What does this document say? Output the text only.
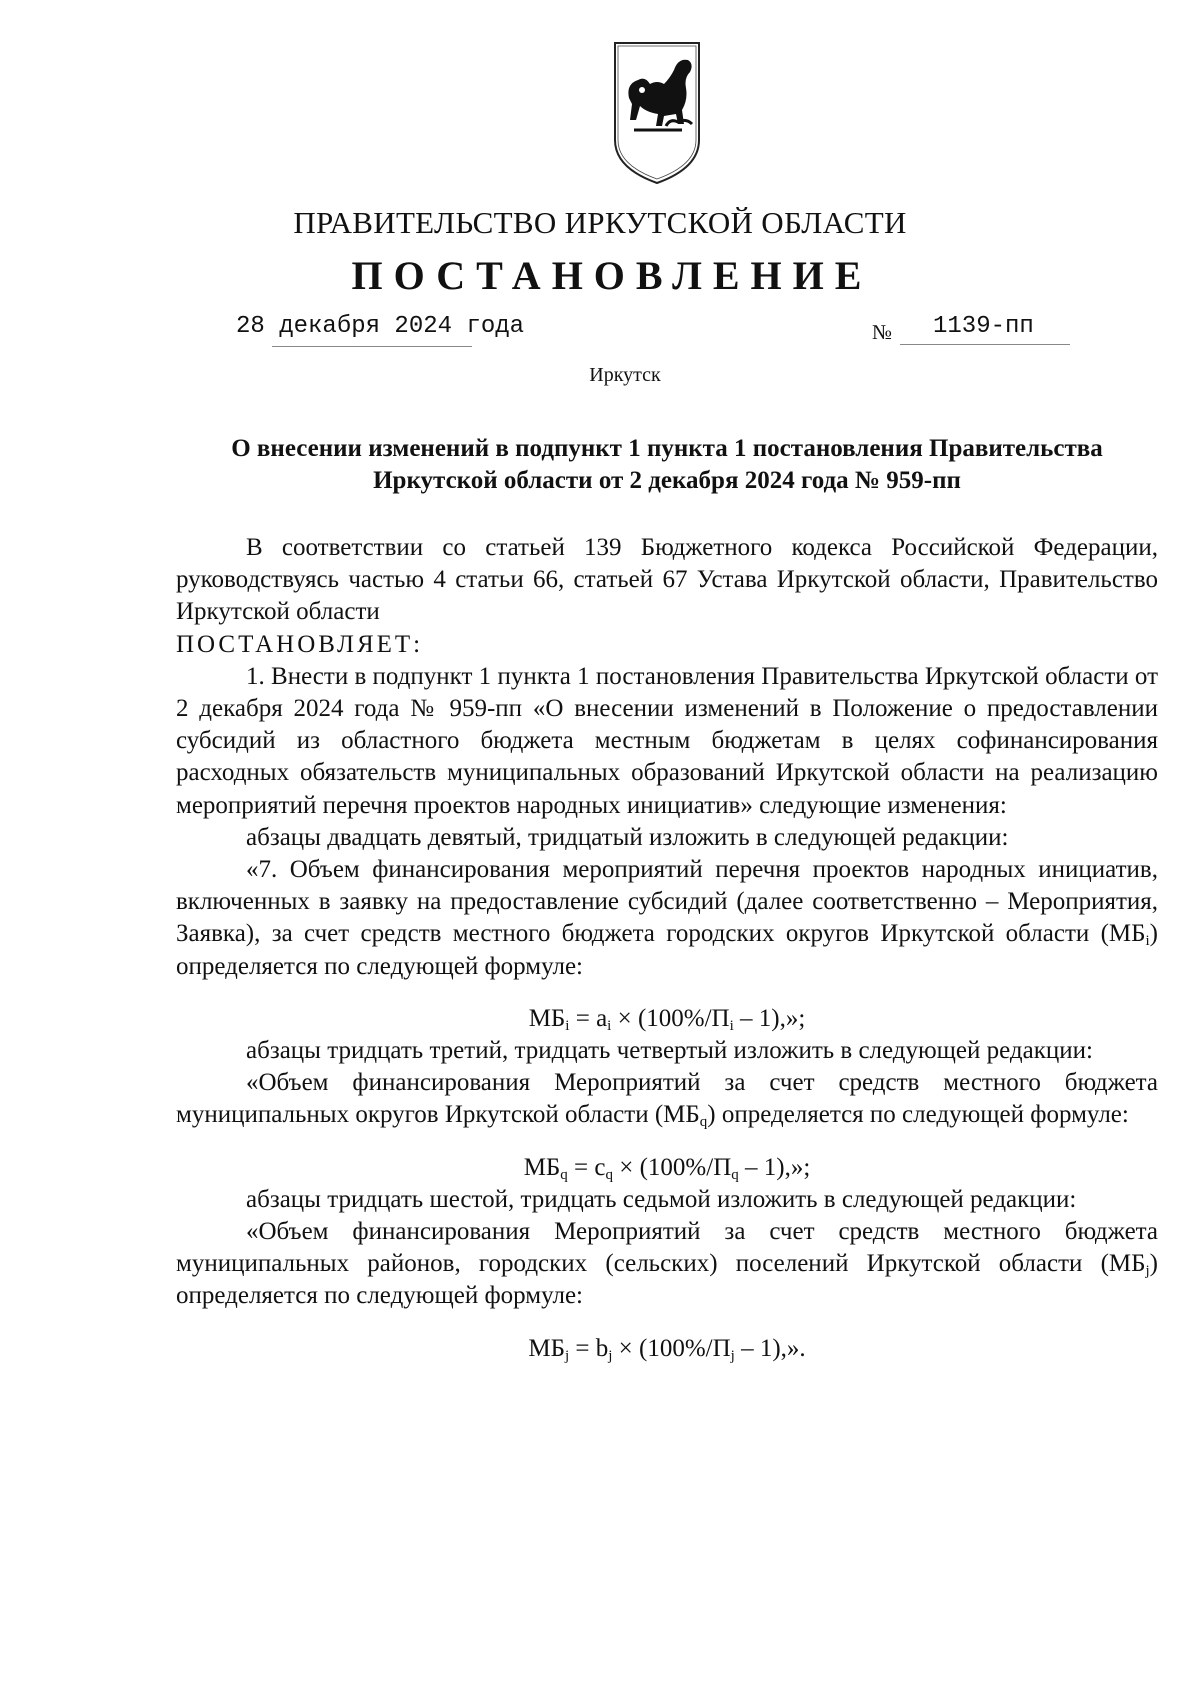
ПРАВИТЕЛЬСТВО ИРКУТСКОЙ ОБЛАСТИ
ПОСТАНОВЛЕНИЕ
28 декабря 2024 года	№ 1139-пп
Иркутск
О внесении изменений в подпункт 1 пункта 1 постановления Правительства Иркутской области от 2 декабря 2024 года № 959-пп

В соответствии со статьей 139 Бюджетного кодекса Российской Федерации, руководствуясь частью 4 статьи 66, статьей 67 Устава Иркутской области, Правительство Иркутской области

ПОСТАНОВЛЯЕТ:

1. Внести в подпункт 1 пункта 1 постановления Правительства Иркутской области от 2 декабря 2024 года № 959-пп «О внесении изменений в Положение о предоставлении субсидий из областного бюджета местным бюджетам в целях софинансирования расходных обязательств муниципальных образований Иркутской области на реализацию мероприятий перечня проектов народных инициатив» следующие изменения:

абзацы двадцать девятый, тридцатый изложить в следующей редакции:

«7. Объем финансирования мероприятий перечня проектов народных инициатив, включенных в заявку на предоставление субсидий (далее соответственно – Мероприятия, Заявка), за счет средств местного бюджета городских округов Иркутской области $(МБ_i)$ определяется по следующей формуле:

$МБ_i = a_i \times (100\%/П_i - 1)$,»;

абзацы тридцать третий, тридцать четвертый изложить в следующей редакции:

«Объем финансирования Мероприятий за счет средств местного бюджета муниципальных округов Иркутской области $(МБ_q)$ определяется по следующей формуле:

$МБ_q = c_q \times (100\%/П_q - 1)$,»;

абзацы тридцать шестой, тридцать седьмой изложить в следующей редакции:

«Объем финансирования Мероприятий за счет средств местного бюджета муниципальных районов, городских (сельских) поселений Иркутской области $(МБ_j)$ определяется по следующей формуле:

$МБ_j = b_j \times (100\%/П_j - 1)$,».
